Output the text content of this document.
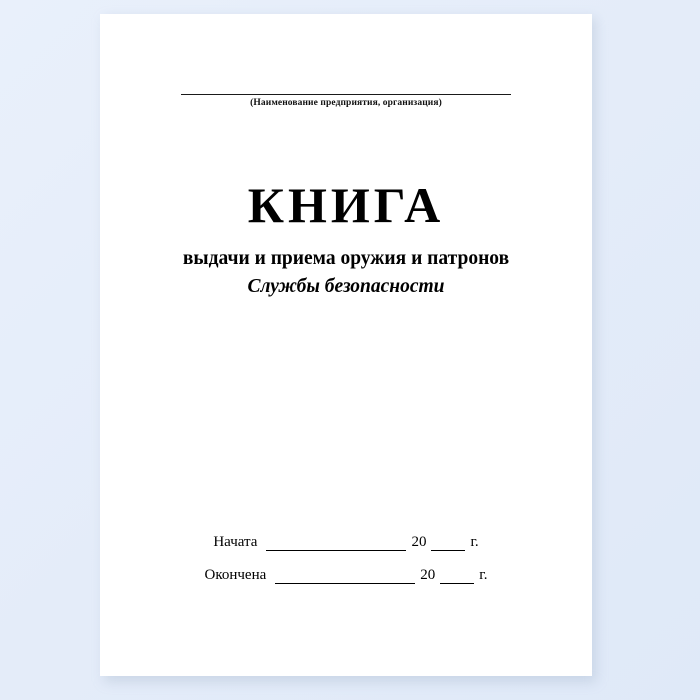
(Наименование предприятия, организация)
КНИГА
выдачи и приема оружия и патронов
Службы безопасности
Начата	20	г.
Окончена	20	г.
